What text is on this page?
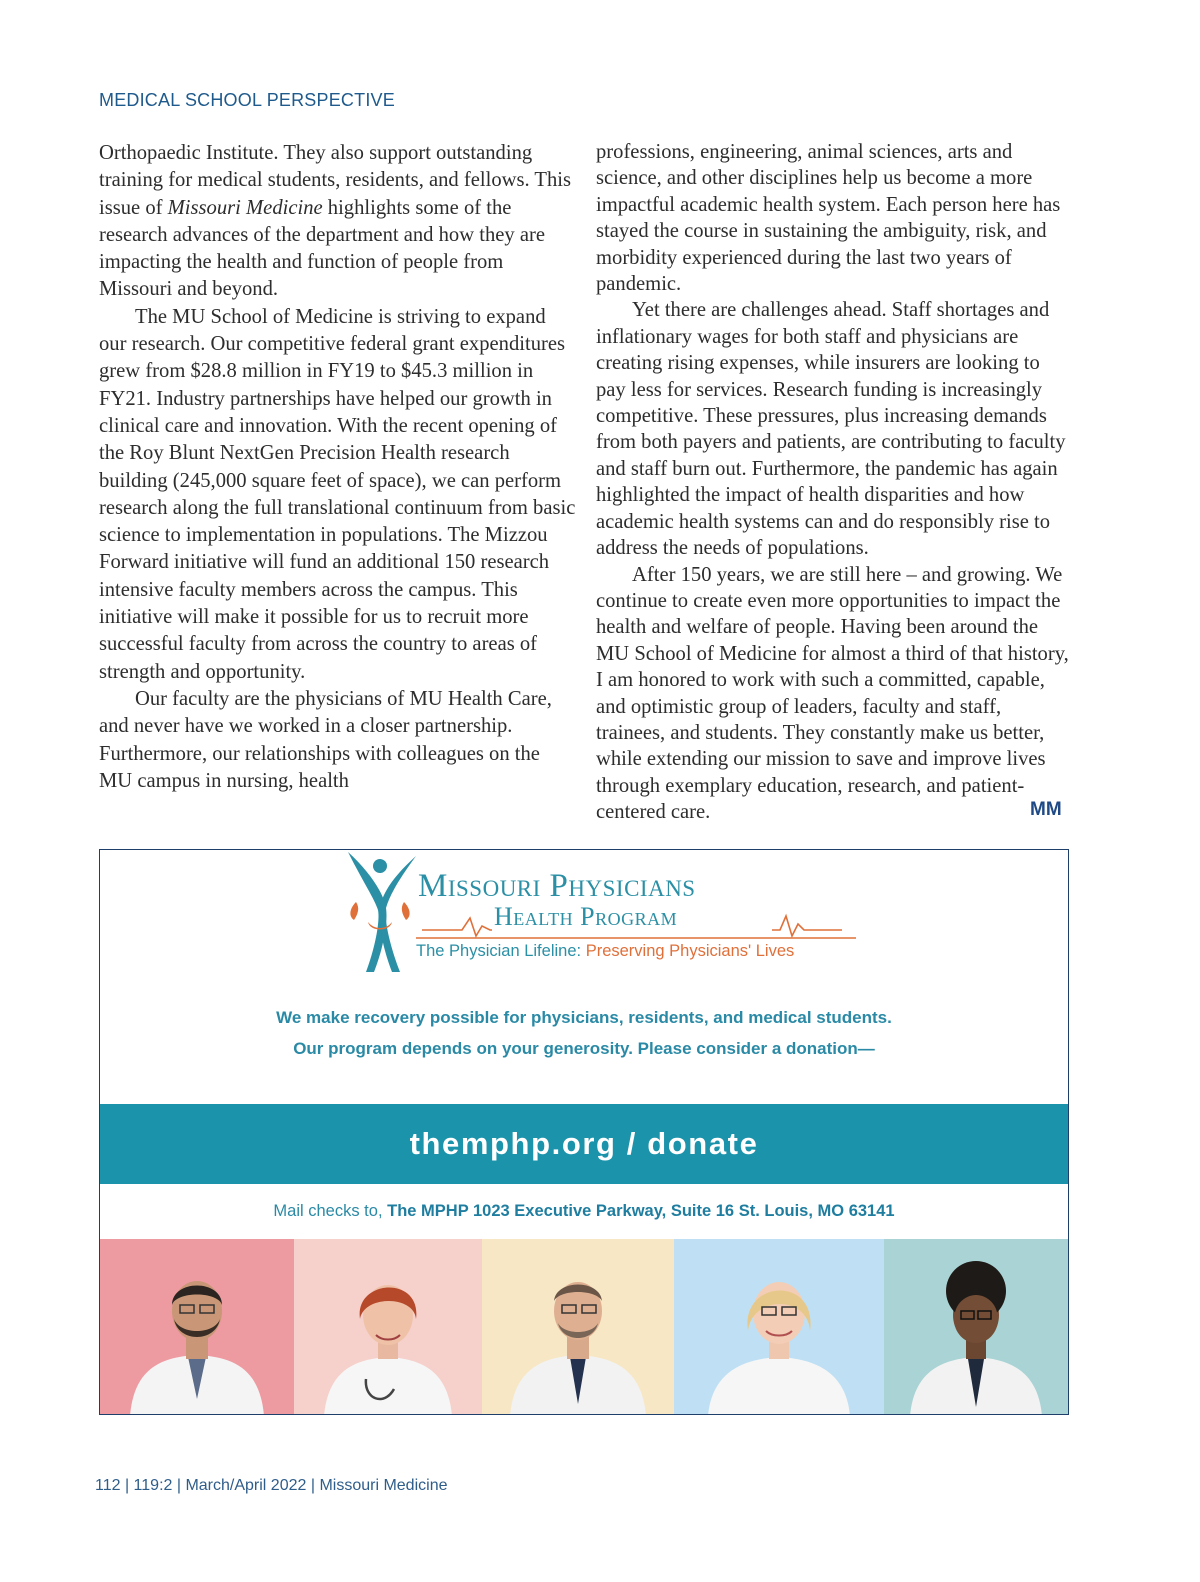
MEDICAL SCHOOL PERSPECTIVE

Orthopaedic Institute. They also support outstanding training for medical students, residents, and fellows. This issue of Missouri Medicine highlights some of the research advances of the department and how they are impacting the health and function of people from Missouri and beyond.

The MU School of Medicine is striving to expand our research. Our competitive federal grant expenditures grew from $28.8 million in FY19 to $45.3 million in FY21. Industry partnerships have helped our growth in clinical care and innovation. With the recent opening of the Roy Blunt NextGen Precision Health research building (245,000 square feet of space), we can perform research along the full translational continuum from basic science to implementation in populations. The Mizzou Forward initiative will fund an additional 150 research intensive faculty members across the campus. This initiative will make it possible for us to recruit more successful faculty from across the country to areas of strength and opportunity.

Our faculty are the physicians of MU Health Care, and never have we worked in a closer partnership. Furthermore, our relationships with colleagues on the MU campus in nursing, health

professions, engineering, animal sciences, arts and science, and other disciplines help us become a more impactful academic health system. Each person here has stayed the course in sustaining the ambiguity, risk, and morbidity experienced during the last two years of pandemic.

Yet there are challenges ahead. Staff shortages and inflationary wages for both staff and physicians are creating rising expenses, while insurers are looking to pay less for services. Research funding is increasingly competitive. These pressures, plus increasing demands from both payers and patients, are contributing to faculty and staff burn out. Furthermore, the pandemic has again highlighted the impact of health disparities and how academic health systems can and do responsibly rise to address the needs of populations.

After 150 years, we are still here – and growing. We continue to create even more opportunities to impact the health and welfare of people. Having been around the MU School of Medicine for almost a third of that history, I am honored to work with such a committed, capable, and optimistic group of leaders, faculty and staff, trainees, and students. They constantly make us better, while extending our mission to save and improve lives through exemplary education, research, and patient-centered care.	MM
Missouri Physicians
Health Program
The Physician Lifeline: Preserving Physicians' Lives
We make recovery possible for physicians, residents, and medical students.
Our program depends on your generosity. Please consider a donation—
themphp.org / donate
Mail checks to, The MPHP 1023 Executive Parkway, Suite 16 St. Louis, MO 63141
112 | 119:2 | March/April 2022 | Missouri Medicine
